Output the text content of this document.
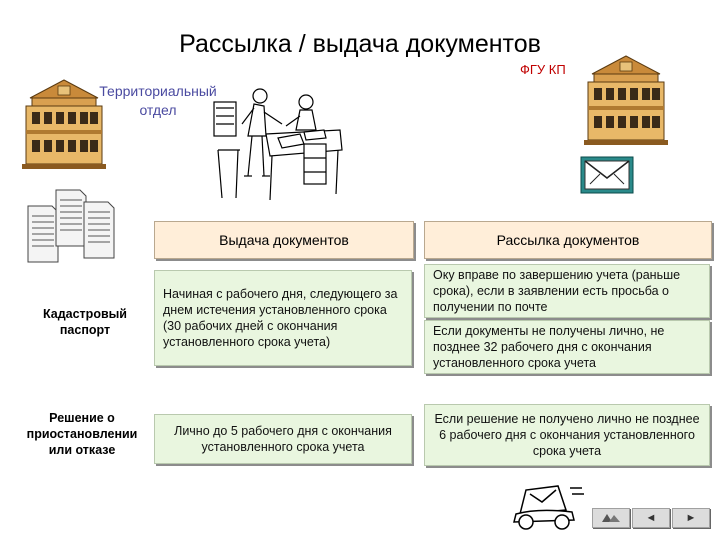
Рассылка / выдача документов
ФГУ КП
Территориальный отдел
Выдача документов	Рассылка документов
Кадастровый паспорт
Начиная с рабочего дня, следующего за днем истечения установленного срока (30 рабочих дней с окончания установленного срока учета)
Оку вправе по завершению учета (раньше срока), если в заявлении есть просьба о получении по почте
Если документы не получены лично, не позднее 32 рабочего дня с окончания установленного срока учета
Решение о приостановлении или отказе
Лично до 5 рабочего дня с окончания установленного срока учета
Если решение не получено лично не позднее 6 рабочего дня с окончания установленного срока учета
◄	►
